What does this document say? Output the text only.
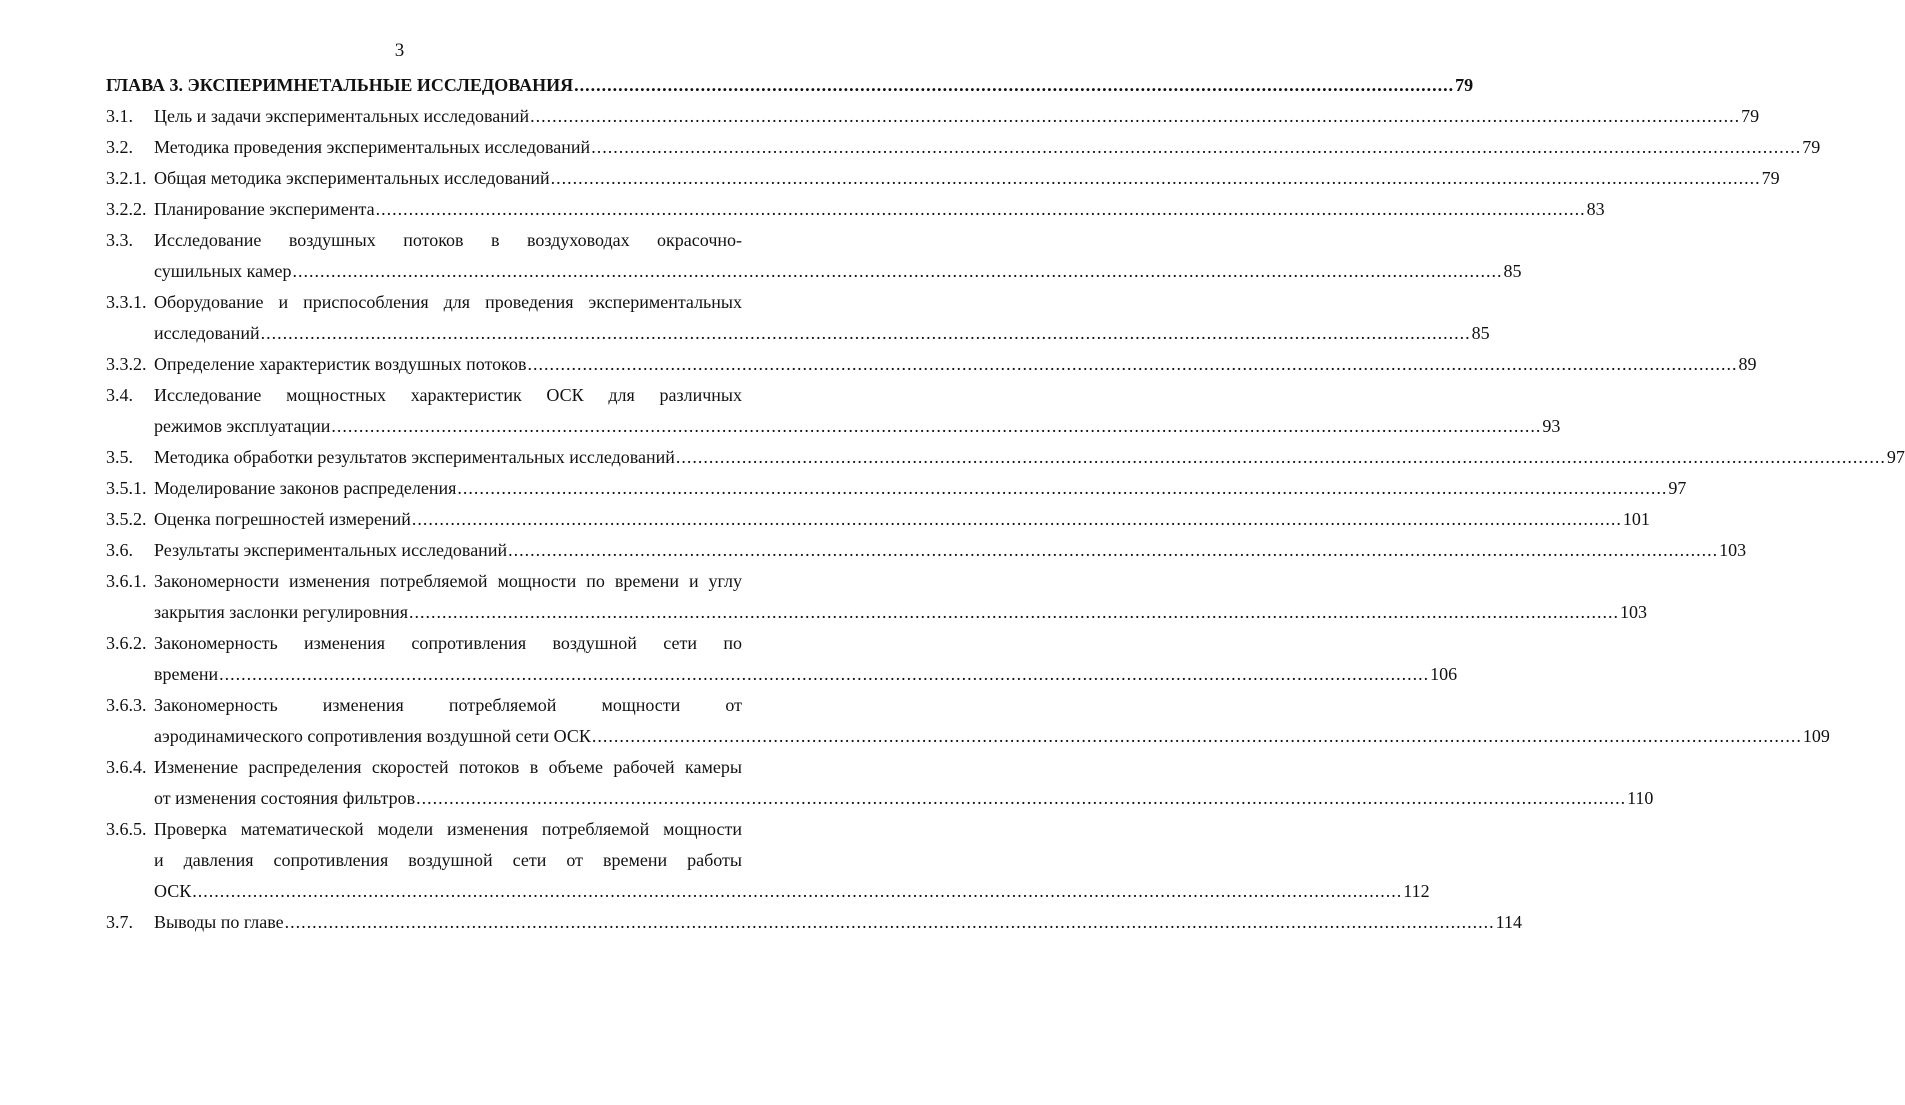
3
ГЛАВА 3. ЭКСПЕРИМНЕТАЛЬНЫЕ ИССЛЕДОВАНИЯ ................................................................................................................................................................ 79
3.1. Цель и задачи экспериментальных исследований ............................................................................................................................................................................................................................ 79
3.2. Методика проведения экспериментальных исследований ............................................................................................................................................................................................................................ 79
3.2.1. Общая методика экспериментальных исследований ............................................................................................................................................................................................................................ 79
3.2.2. Планирование эксперимента ............................................................................................................................................................................................................................ 83
3.3. Исследование воздушных потоков в воздуховодах окрасочно-
сушильных камер ............................................................................................................................................................................................................................ 85
3.3.1. Оборудование и приспособления для проведения экспериментальных
исследований ............................................................................................................................................................................................................................ 85
3.3.2. Определение характеристик воздушных потоков ............................................................................................................................................................................................................................ 89
3.4. Исследование мощностных характеристик ОСК для различных
режимов эксплуатации ............................................................................................................................................................................................................................ 93
3.5. Методика обработки результатов экспериментальных исследований ............................................................................................................................................................................................................................ 97
3.5.1. Моделирование законов распределения ............................................................................................................................................................................................................................ 97
3.5.2. Оценка погрешностей измерений ............................................................................................................................................................................................................................ 101
3.6. Результаты экспериментальных исследований ............................................................................................................................................................................................................................ 103
3.6.1. Закономерности изменения потребляемой мощности по времени и углу
закрытия заслонки регулировния ............................................................................................................................................................................................................................ 103
3.6.2. Закономерность изменения сопротивления воздушной сети по
времени ............................................................................................................................................................................................................................ 106
3.6.3. Закономерность изменения потребляемой мощности от
аэродинамического сопротивления воздушной сети ОСК ............................................................................................................................................................................................................................ 109
3.6.4. Изменение распределения скоростей потоков в объеме рабочей камеры
от изменения состояния фильтров ............................................................................................................................................................................................................................ 110
3.6.5. Проверка математической модели изменения потребляемой мощности
и давления сопротивления воздушной сети от времени работы
ОСК ............................................................................................................................................................................................................................ 112
3.7. Выводы по главе ............................................................................................................................................................................................................................ 114
